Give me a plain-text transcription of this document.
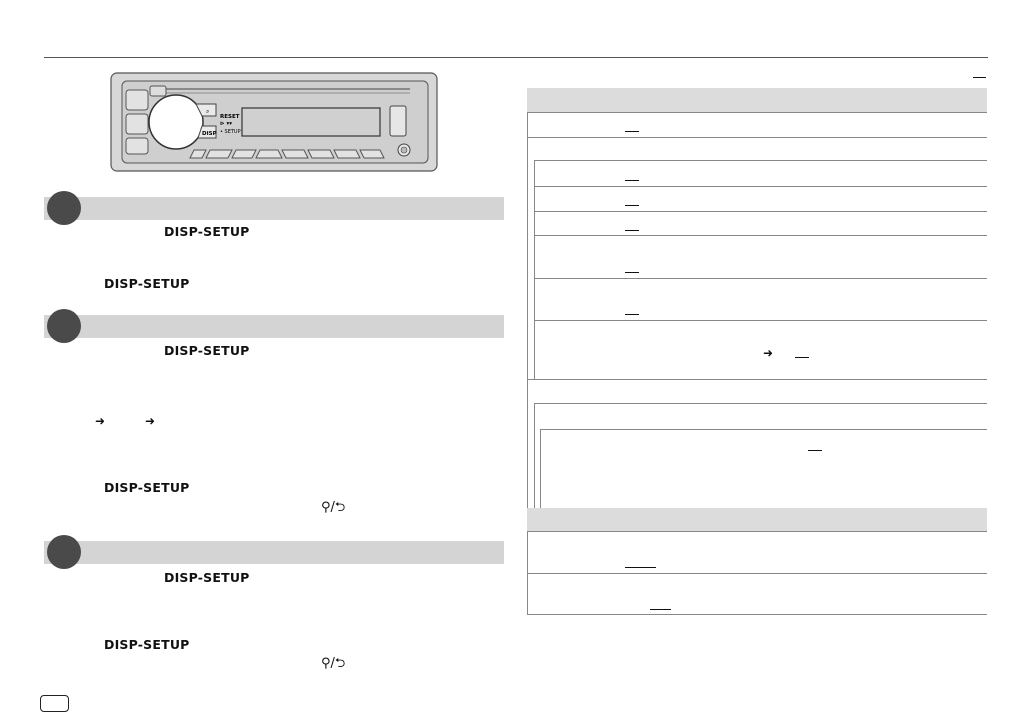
⌕
DISP
RESET
⊳ ▾▾
• SETUP
DISP-SETUP
DISP-SETUP
DISP-SETUP
➜	➜
DISP-SETUP
⚲/⮌
DISP-SETUP
DISP-SETUP
⚲/⮌
➜
